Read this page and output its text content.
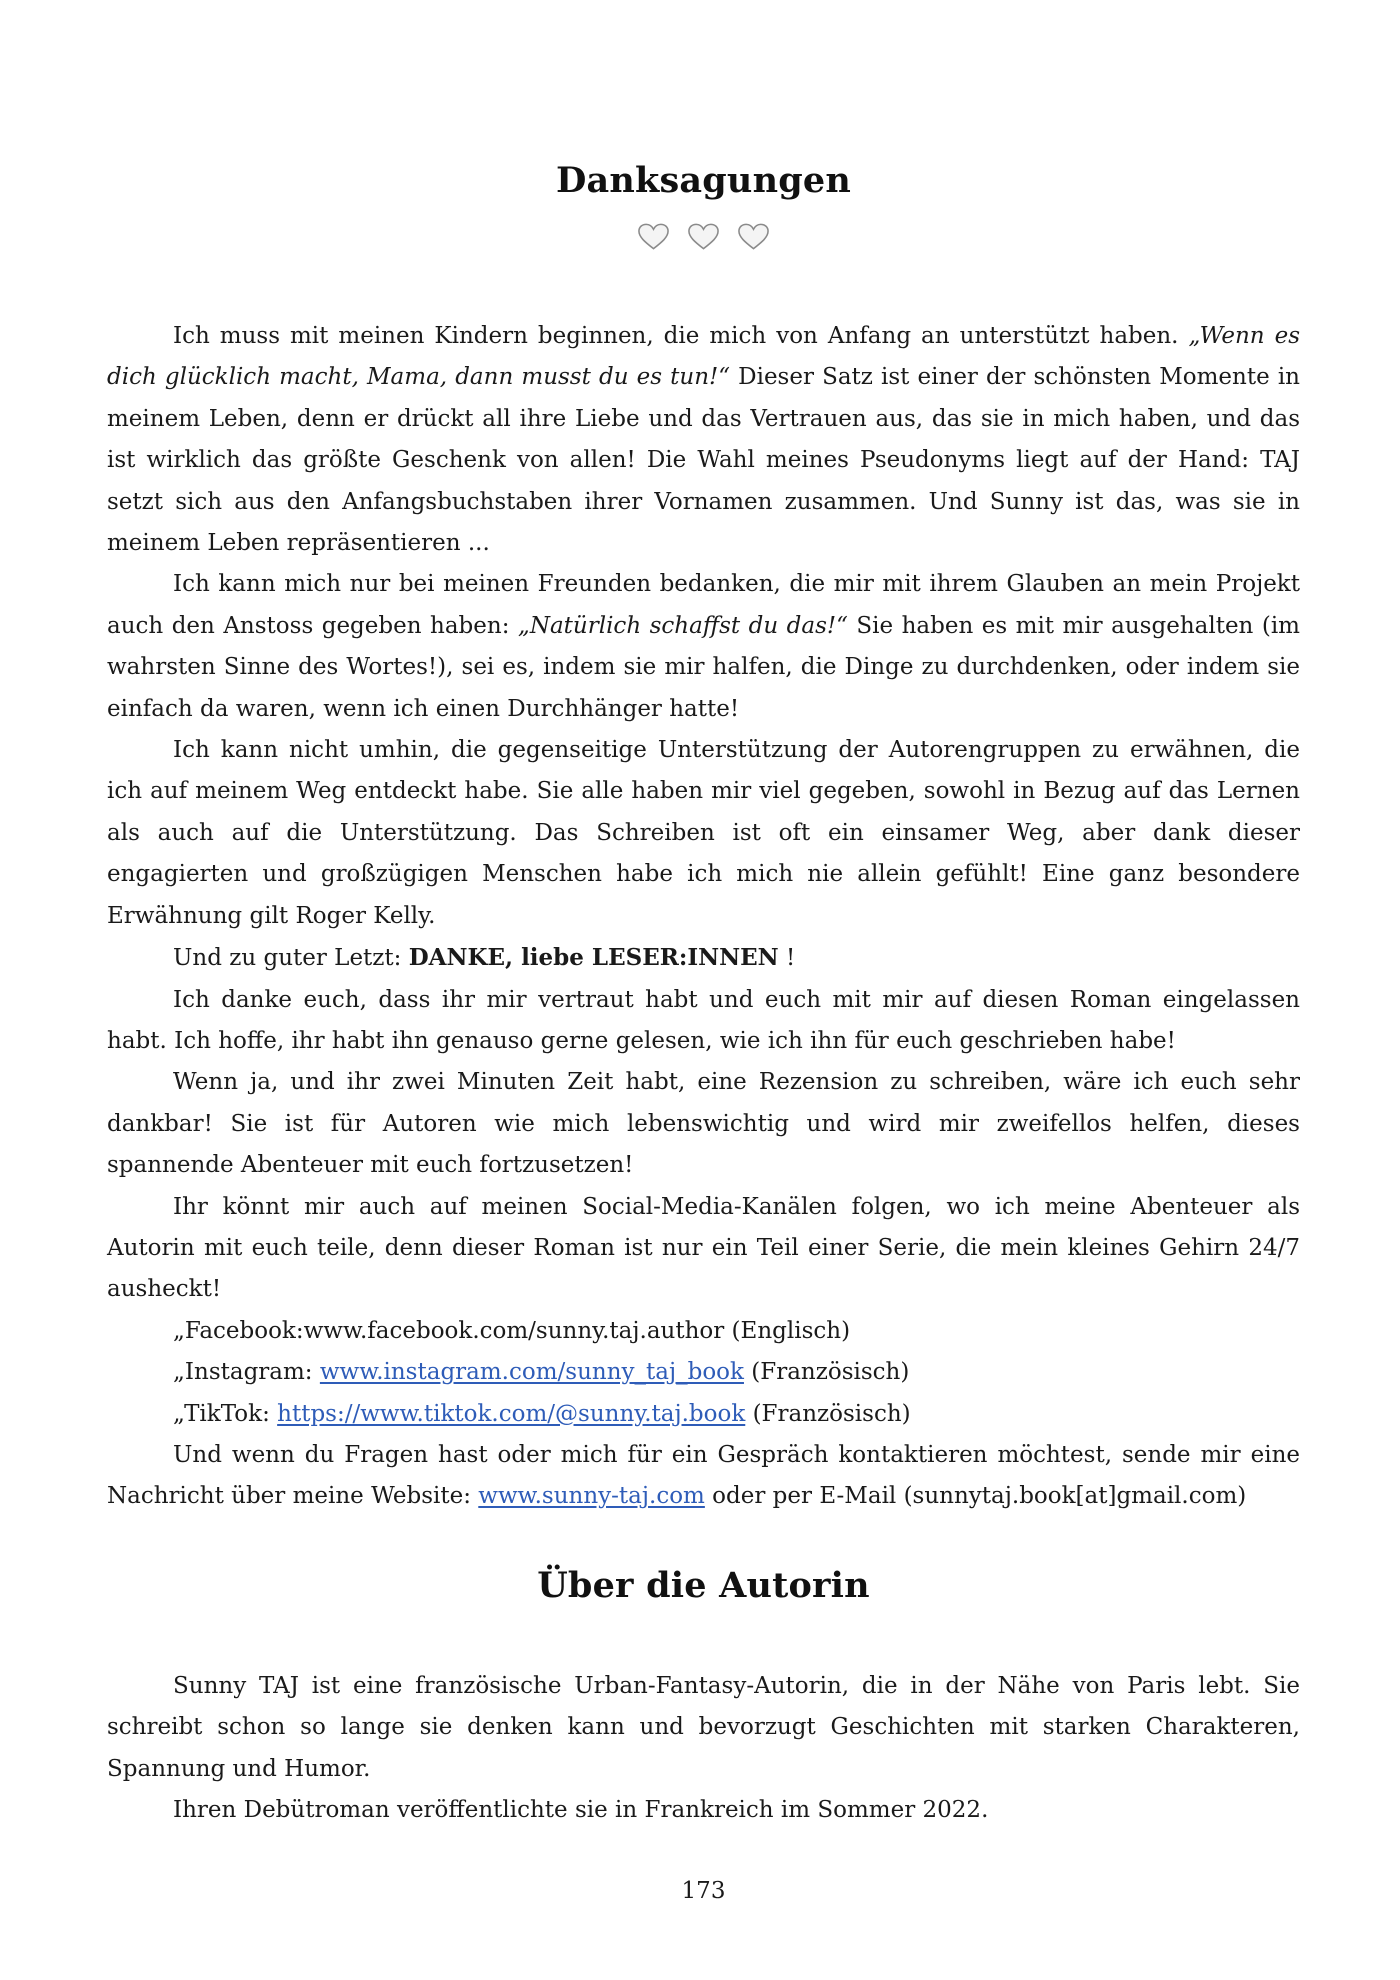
Danksagungen

Ich muss mit meinen Kindern beginnen, die mich von Anfang an unterstützt haben. „Wenn es dich glücklich macht, Mama, dann musst du es tun!“ Dieser Satz ist einer der schönsten Momente in meinem Leben, denn er drückt all ihre Liebe und das Vertrauen aus, das sie in mich haben, und das ist wirklich das größte Geschenk von allen! Die Wahl meines Pseudonyms liegt auf der Hand: TAJ setzt sich aus den Anfangsbuchstaben ihrer Vornamen zusammen. Und Sunny ist das, was sie in meinem Leben repräsentieren ...

Ich kann mich nur bei meinen Freunden bedanken, die mir mit ihrem Glauben an mein Projekt auch den Anstoss gegeben haben: „Natürlich schaffst du das!“ Sie haben es mit mir ausgehalten (im wahrsten Sinne des Wortes!), sei es, indem sie mir halfen, die Dinge zu durchdenken, oder indem sie einfach da waren, wenn ich einen Durchhänger hatte!

Ich kann nicht umhin, die gegenseitige Unterstützung der Autorengruppen zu erwähnen, die ich auf meinem Weg entdeckt habe. Sie alle haben mir viel gegeben, sowohl in Bezug auf das Lernen als auch auf die Unterstützung. Das Schreiben ist oft ein einsamer Weg, aber dank dieser engagierten und großzügigen Menschen habe ich mich nie allein gefühlt! Eine ganz besondere Erwähnung gilt Roger Kelly.

Und zu guter Letzt: DANKE, liebe LESER:INNEN !

Ich danke euch, dass ihr mir vertraut habt und euch mit mir auf diesen Roman eingelassen habt. Ich hoffe, ihr habt ihn genauso gerne gelesen, wie ich ihn für euch geschrieben habe!

Wenn ja, und ihr zwei Minuten Zeit habt, eine Rezension zu schreiben, wäre ich euch sehr dankbar! Sie ist für Autoren wie mich lebenswichtig und wird mir zweifellos helfen, dieses spannende Abenteuer mit euch fortzusetzen!

Ihr könnt mir auch auf meinen Social-Media-Kanälen folgen, wo ich meine Abenteuer als Autorin mit euch teile, denn dieser Roman ist nur ein Teil einer Serie, die mein kleines Gehirn 24/7 ausheckt!

„Facebook:www.facebook.com/sunny.taj.author (Englisch)

„Instagram: www.instagram.com/sunny_taj_book (Französisch)

„TikTok: https://www.tiktok.com/@sunny.taj.book (Französisch)

Und wenn du Fragen hast oder mich für ein Gespräch kontaktieren möchtest, sende mir eine Nachricht über meine Website: www.sunny-taj.com oder per E-Mail (sunnytaj.book[at]gmail.com)

Über die Autorin

Sunny TAJ ist eine französische Urban-Fantasy-Autorin, die in der Nähe von Paris lebt. Sie schreibt schon so lange sie denken kann und bevorzugt Geschichten mit starken Charakteren, Spannung und Humor.

Ihren Debütroman veröffentlichte sie in Frankreich im Sommer 2022.

173
